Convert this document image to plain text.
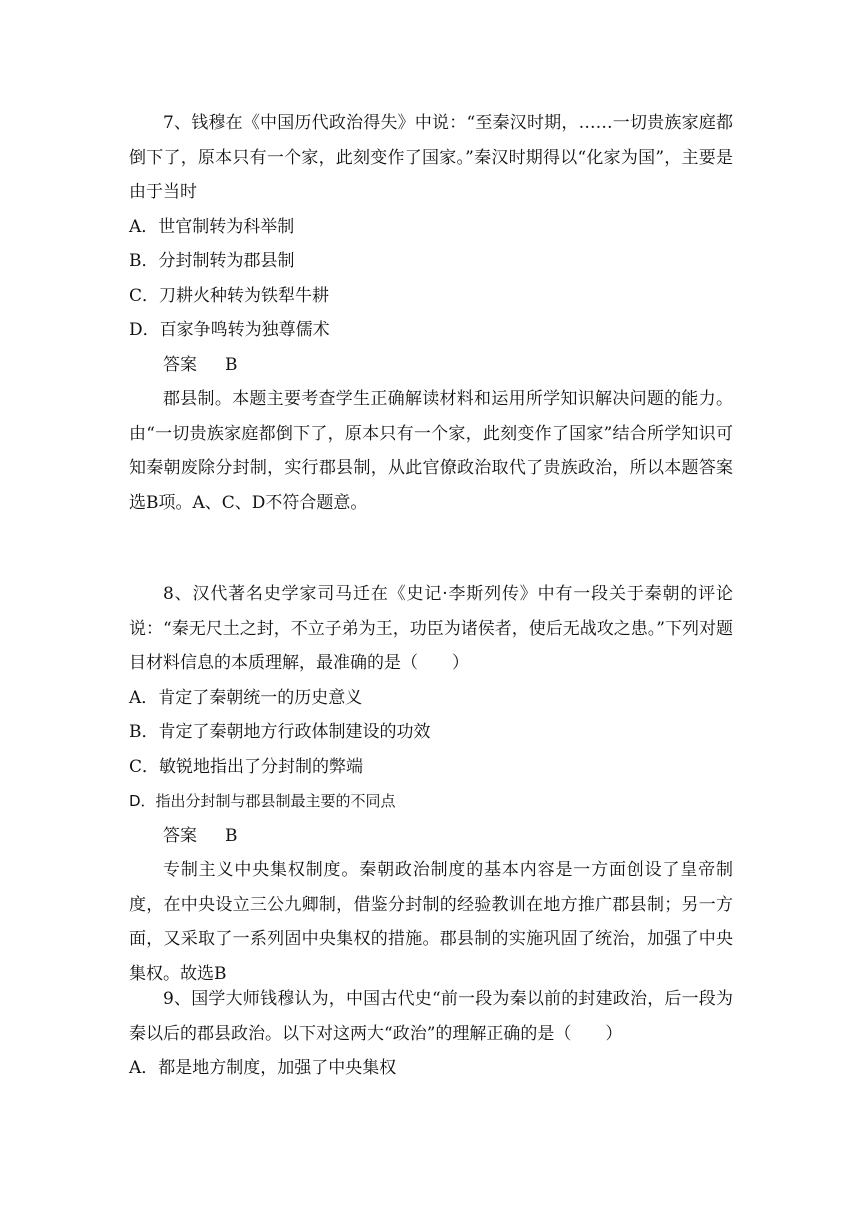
7、钱穆在《中国历代政治得失》中说：“至秦汉时期，……一切贵族家庭都倒下了，原本只有一个家，此刻变作了国家。”秦汉时期得以“化家为国”，主要是由于当时

A．世官制转为科举制

B．分封制转为郡县制

C．刀耕火种转为铁犁牛耕

D．百家争鸣转为独尊儒术

答案 B

郡县制。本题主要考查学生正确解读材料和运用所学知识解决问题的能力。由“一切贵族家庭都倒下了，原本只有一个家，此刻变作了国家”结合所学知识可知秦朝废除分封制，实行郡县制，从此官僚政治取代了贵族政治，所以本题答案选B项。A、C、D不符合题意。

8、汉代著名史学家司马迁在《史记·李斯列传》中有一段关于秦朝的评论说：“秦无尺土之封，不立子弟为王，功臣为诸侯者，使后无战攻之患。”下列对题目材料信息的本质理解，最准确的是（　　）

A．肯定了秦朝统一的历史意义

B．肯定了秦朝地方行政体制建设的功效

C．敏锐地指出了分封制的弊端

D．指出分封制与郡县制最主要的不同点

答案 B

专制主义中央集权制度。秦朝政治制度的基本内容是一方面创设了皇帝制度，在中央设立三公九卿制，借鉴分封制的经验教训在地方推广郡县制；另一方面，又采取了一系列固中央集权的措施。郡县制的实施巩固了统治，加强了中央集权。故选B

9、国学大师钱穆认为，中国古代史“前一段为秦以前的封建政治，后一段为秦以后的郡县政治。以下对这两大“政治”的理解正确的是（　　）

A．都是地方制度，加强了中央集权
